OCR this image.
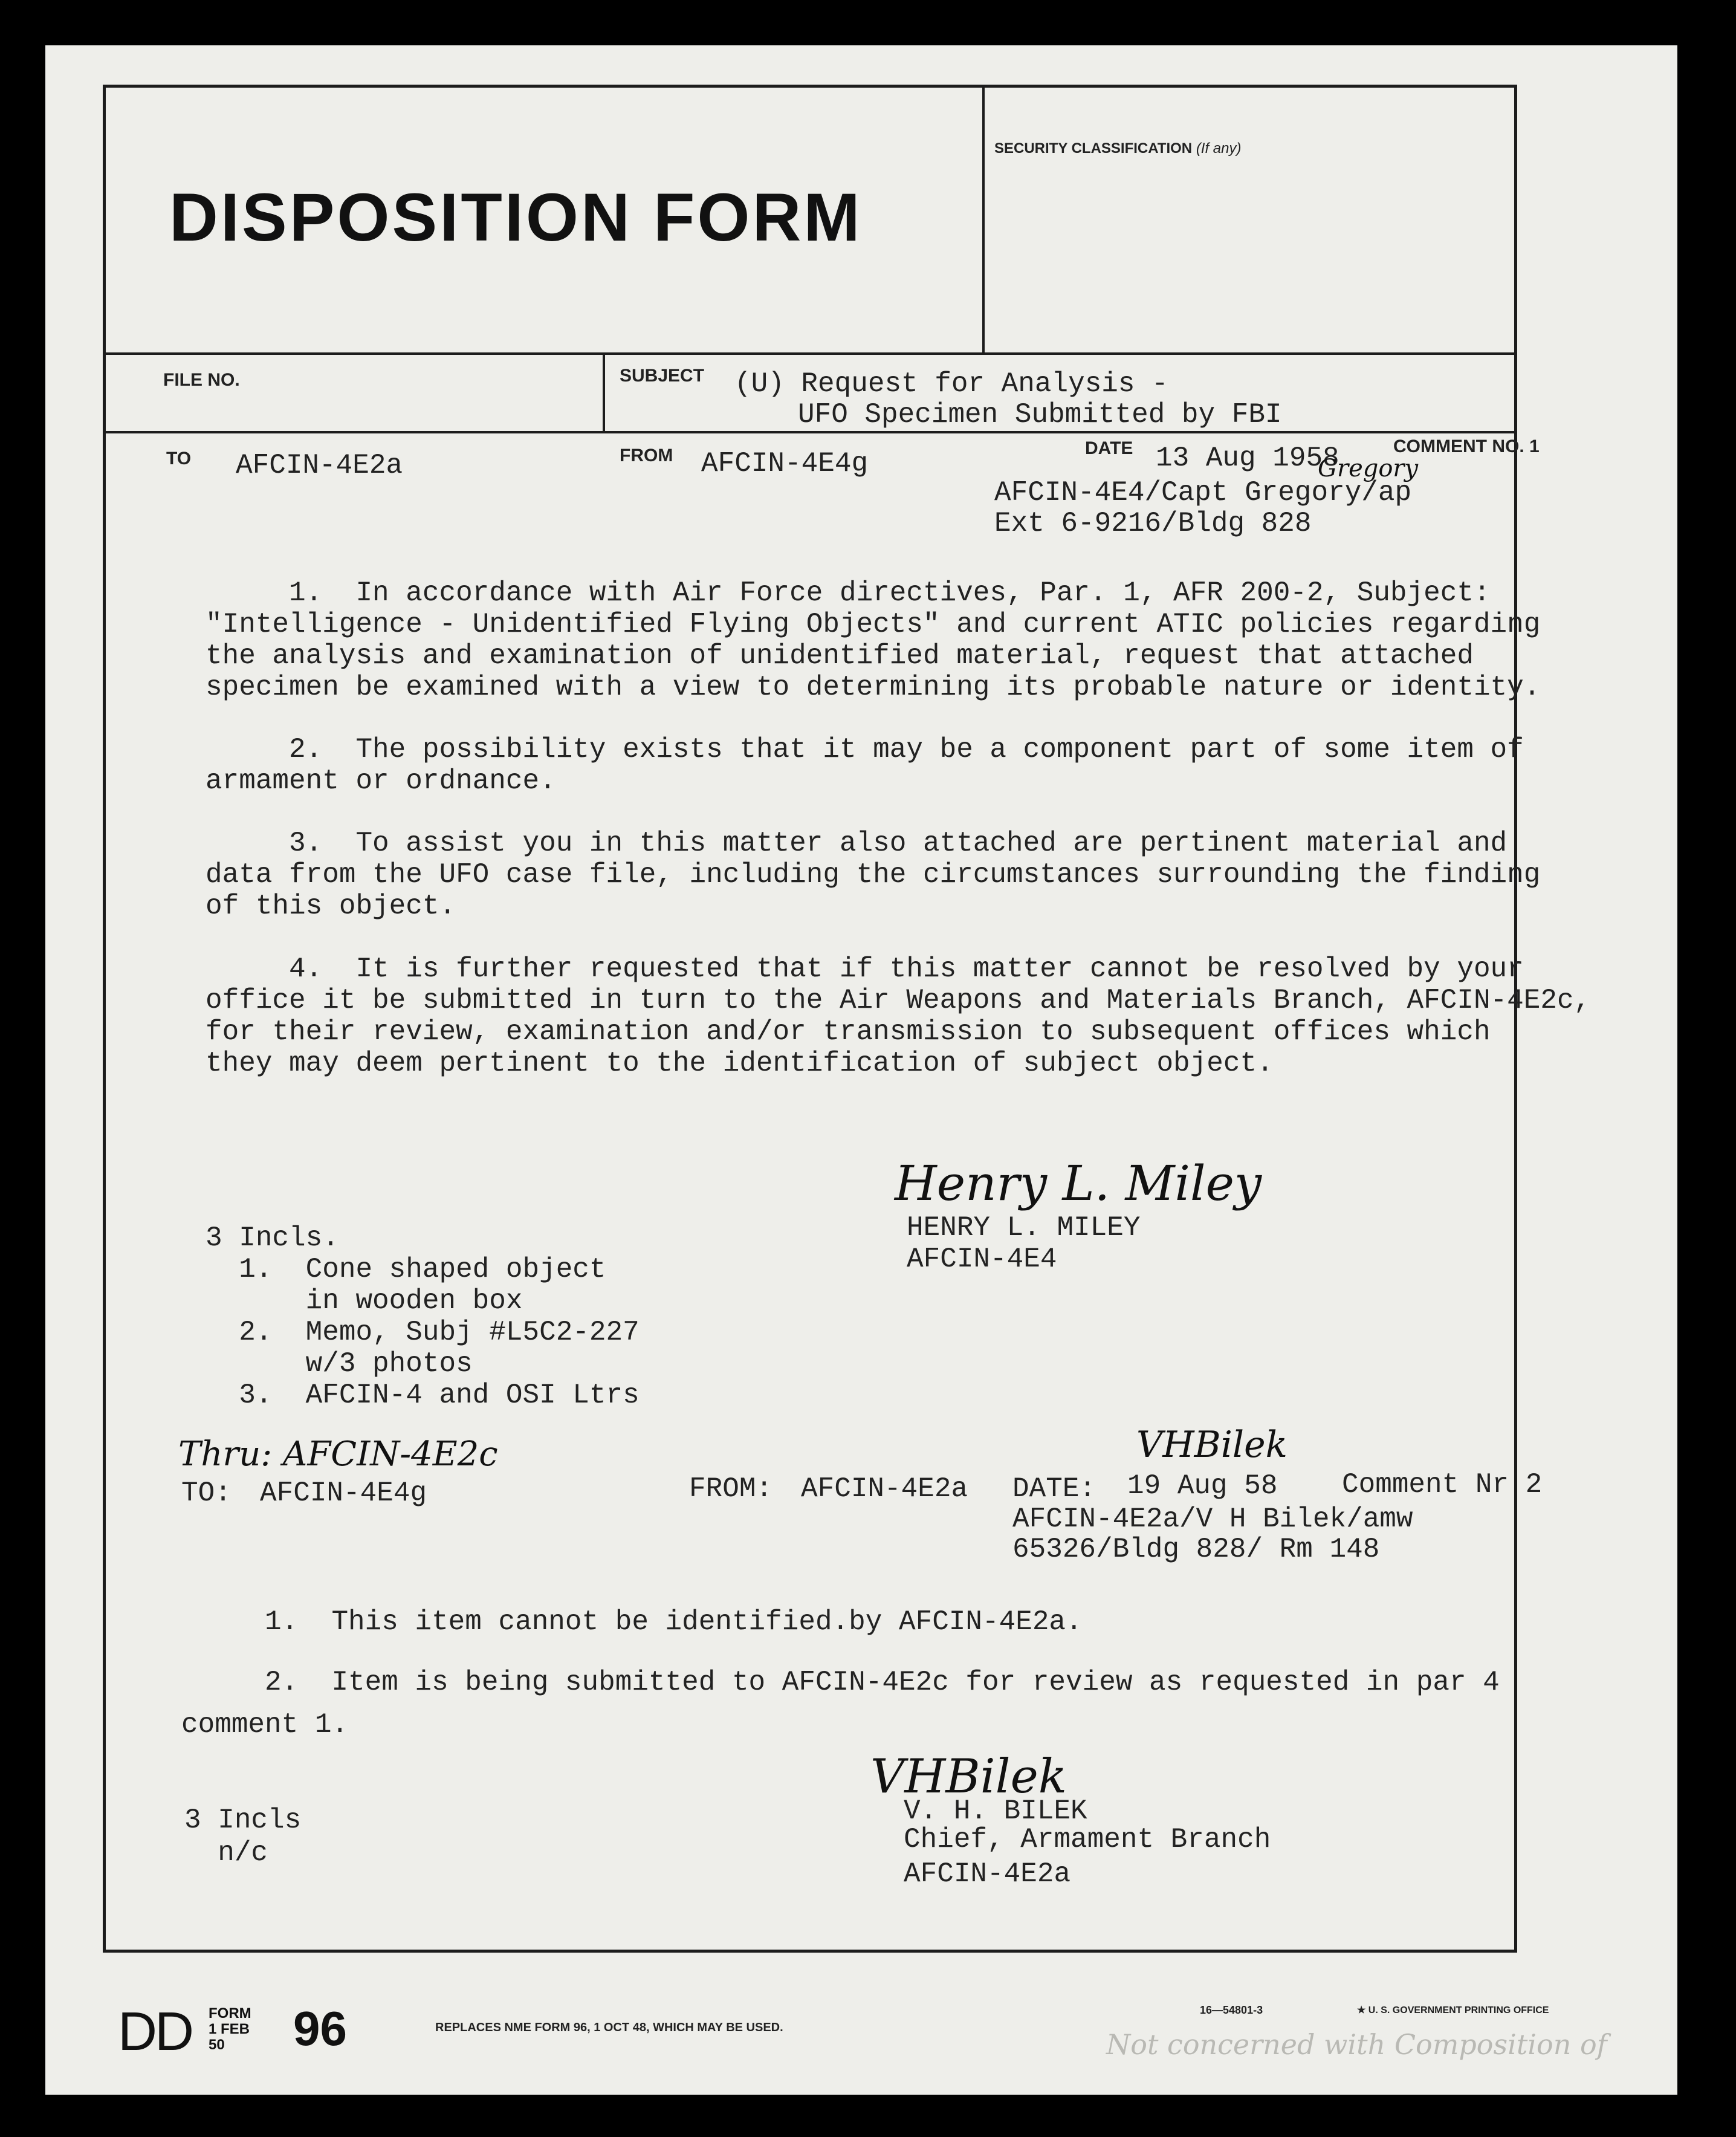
DISPOSITION FORM
SECURITY CLASSIFICATION (If any)
FILE NO.	SUBJECT (U) Request for Analysis -
UFO Specimen Submitted by FBI
TO AFCIN-4E2a	FROM AFCIN-4E4g	DATE 13 Aug 1958	COMMENT NO. 1
Gregory
AFCIN-4E4/Capt Gregory/ap
Ext 6-9216/Bldg 828
1.  In accordance with Air Force directives, Par. 1, AFR 200-2, Subject:
"Intelligence - Unidentified Flying Objects" and current ATIC policies regarding
the analysis and examination of unidentified material, request that attached
specimen be examined with a view to determining its probable nature or identity.
2.  The possibility exists that it may be a component part of some item of
armament or ordnance.
3.  To assist you in this matter also attached are pertinent material and
data from the UFO case file, including the circumstances surrounding the finding
of this object.
4.  It is further requested that if this matter cannot be resolved by your
office it be submitted in turn to the Air Weapons and Materials Branch, AFCIN-4E2c,
for their review, examination and/or transmission to subsequent offices which
they may deem pertinent to the identification of subject object.
Henry L. Miley
HENRY L. MILEY
AFCIN-4E4
3 Incls.
1.  Cone shaped object
in wooden box
2.  Memo, Subj #L5C2-227
w/3 photos
3.  AFCIN-4 and OSI Ltrs
Thru: AFCIN-4E2c	VHBilek
TO: AFCIN-4E4g	FROM: AFCIN-4E2a DATE: 19 Aug 58 Comment Nr 2
AFCIN-4E2a/V H Bilek/amw
65326/Bldg 828/ Rm 148
1.  This item cannot be identified.by AFCIN-4E2a.
2.  Item is being submitted to AFCIN-4E2c for review as requested in par 4
comment 1.
VHBilek
V. H. BILEK
Chief, Armament Branch
AFCIN-4E2a
3 Incls
n/c
DD FORM
1 FEB 50	96	REPLACES NME FORM 96, 1 OCT 48, WHICH MAY BE USED.
16—54801-3	★ U. S. GOVERNMENT PRINTING OFFICE
Not concerned with Composition of
